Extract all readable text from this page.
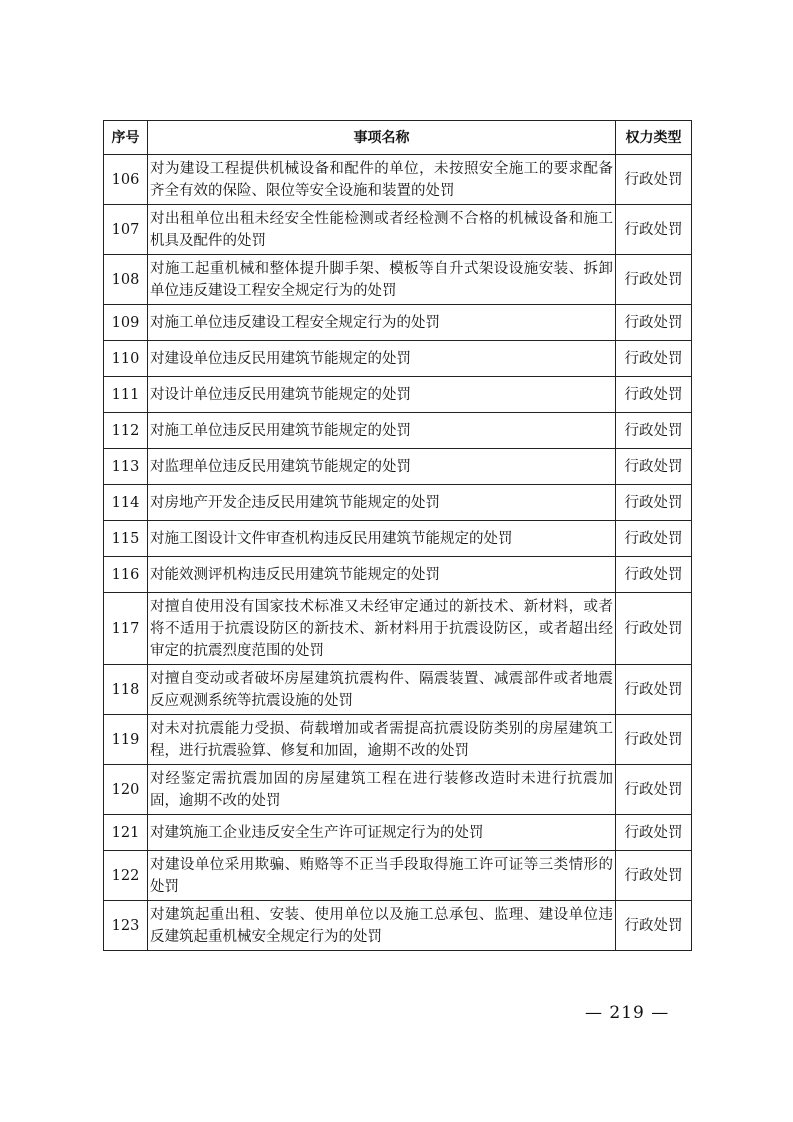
序号	事项名称	权力类型
106	对为建设工程提供机械设备和配件的单位，未按照安全施工的要求配备齐全有效的保险、限位等安全设施和装置的处罚	行政处罚
107	对出租单位出租未经安全性能检测或者经检测不合格的机械设备和施工机具及配件的处罚	行政处罚
108	对施工起重机械和整体提升脚手架、模板等自升式架设设施安装、拆卸单位违反建设工程安全规定行为的处罚	行政处罚
109	对施工单位违反建设工程安全规定行为的处罚	行政处罚
110	对建设单位违反民用建筑节能规定的处罚	行政处罚
111	对设计单位违反民用建筑节能规定的处罚	行政处罚
112	对施工单位违反民用建筑节能规定的处罚	行政处罚
113	对监理单位违反民用建筑节能规定的处罚	行政处罚
114	对房地产开发企违反民用建筑节能规定的处罚	行政处罚
115	对施工图设计文件审查机构违反民用建筑节能规定的处罚	行政处罚
116	对能效测评机构违反民用建筑节能规定的处罚	行政处罚
117	对擅自使用没有国家技术标准又未经审定通过的新技术、新材料，或者将不适用于抗震设防区的新技术、新材料用于抗震设防区，或者超出经审定的抗震烈度范围的处罚	行政处罚
118	对擅自变动或者破坏房屋建筑抗震构件、隔震装置、减震部件或者地震反应观测系统等抗震设施的处罚	行政处罚
119	对未对抗震能力受损、荷载增加或者需提高抗震设防类别的房屋建筑工程，进行抗震验算、修复和加固，逾期不改的处罚	行政处罚
120	对经鉴定需抗震加固的房屋建筑工程在进行装修改造时未进行抗震加固，逾期不改的处罚	行政处罚
121	对建筑施工企业违反安全生产许可证规定行为的处罚	行政处罚
122	对建设单位采用欺骗、贿赂等不正当手段取得施工许可证等三类情形的处罚	行政处罚
123	对建筑起重出租、安装、使用单位以及施工总承包、监理、建设单位违反建筑起重机械安全规定行为的处罚	行政处罚
— 219 —
